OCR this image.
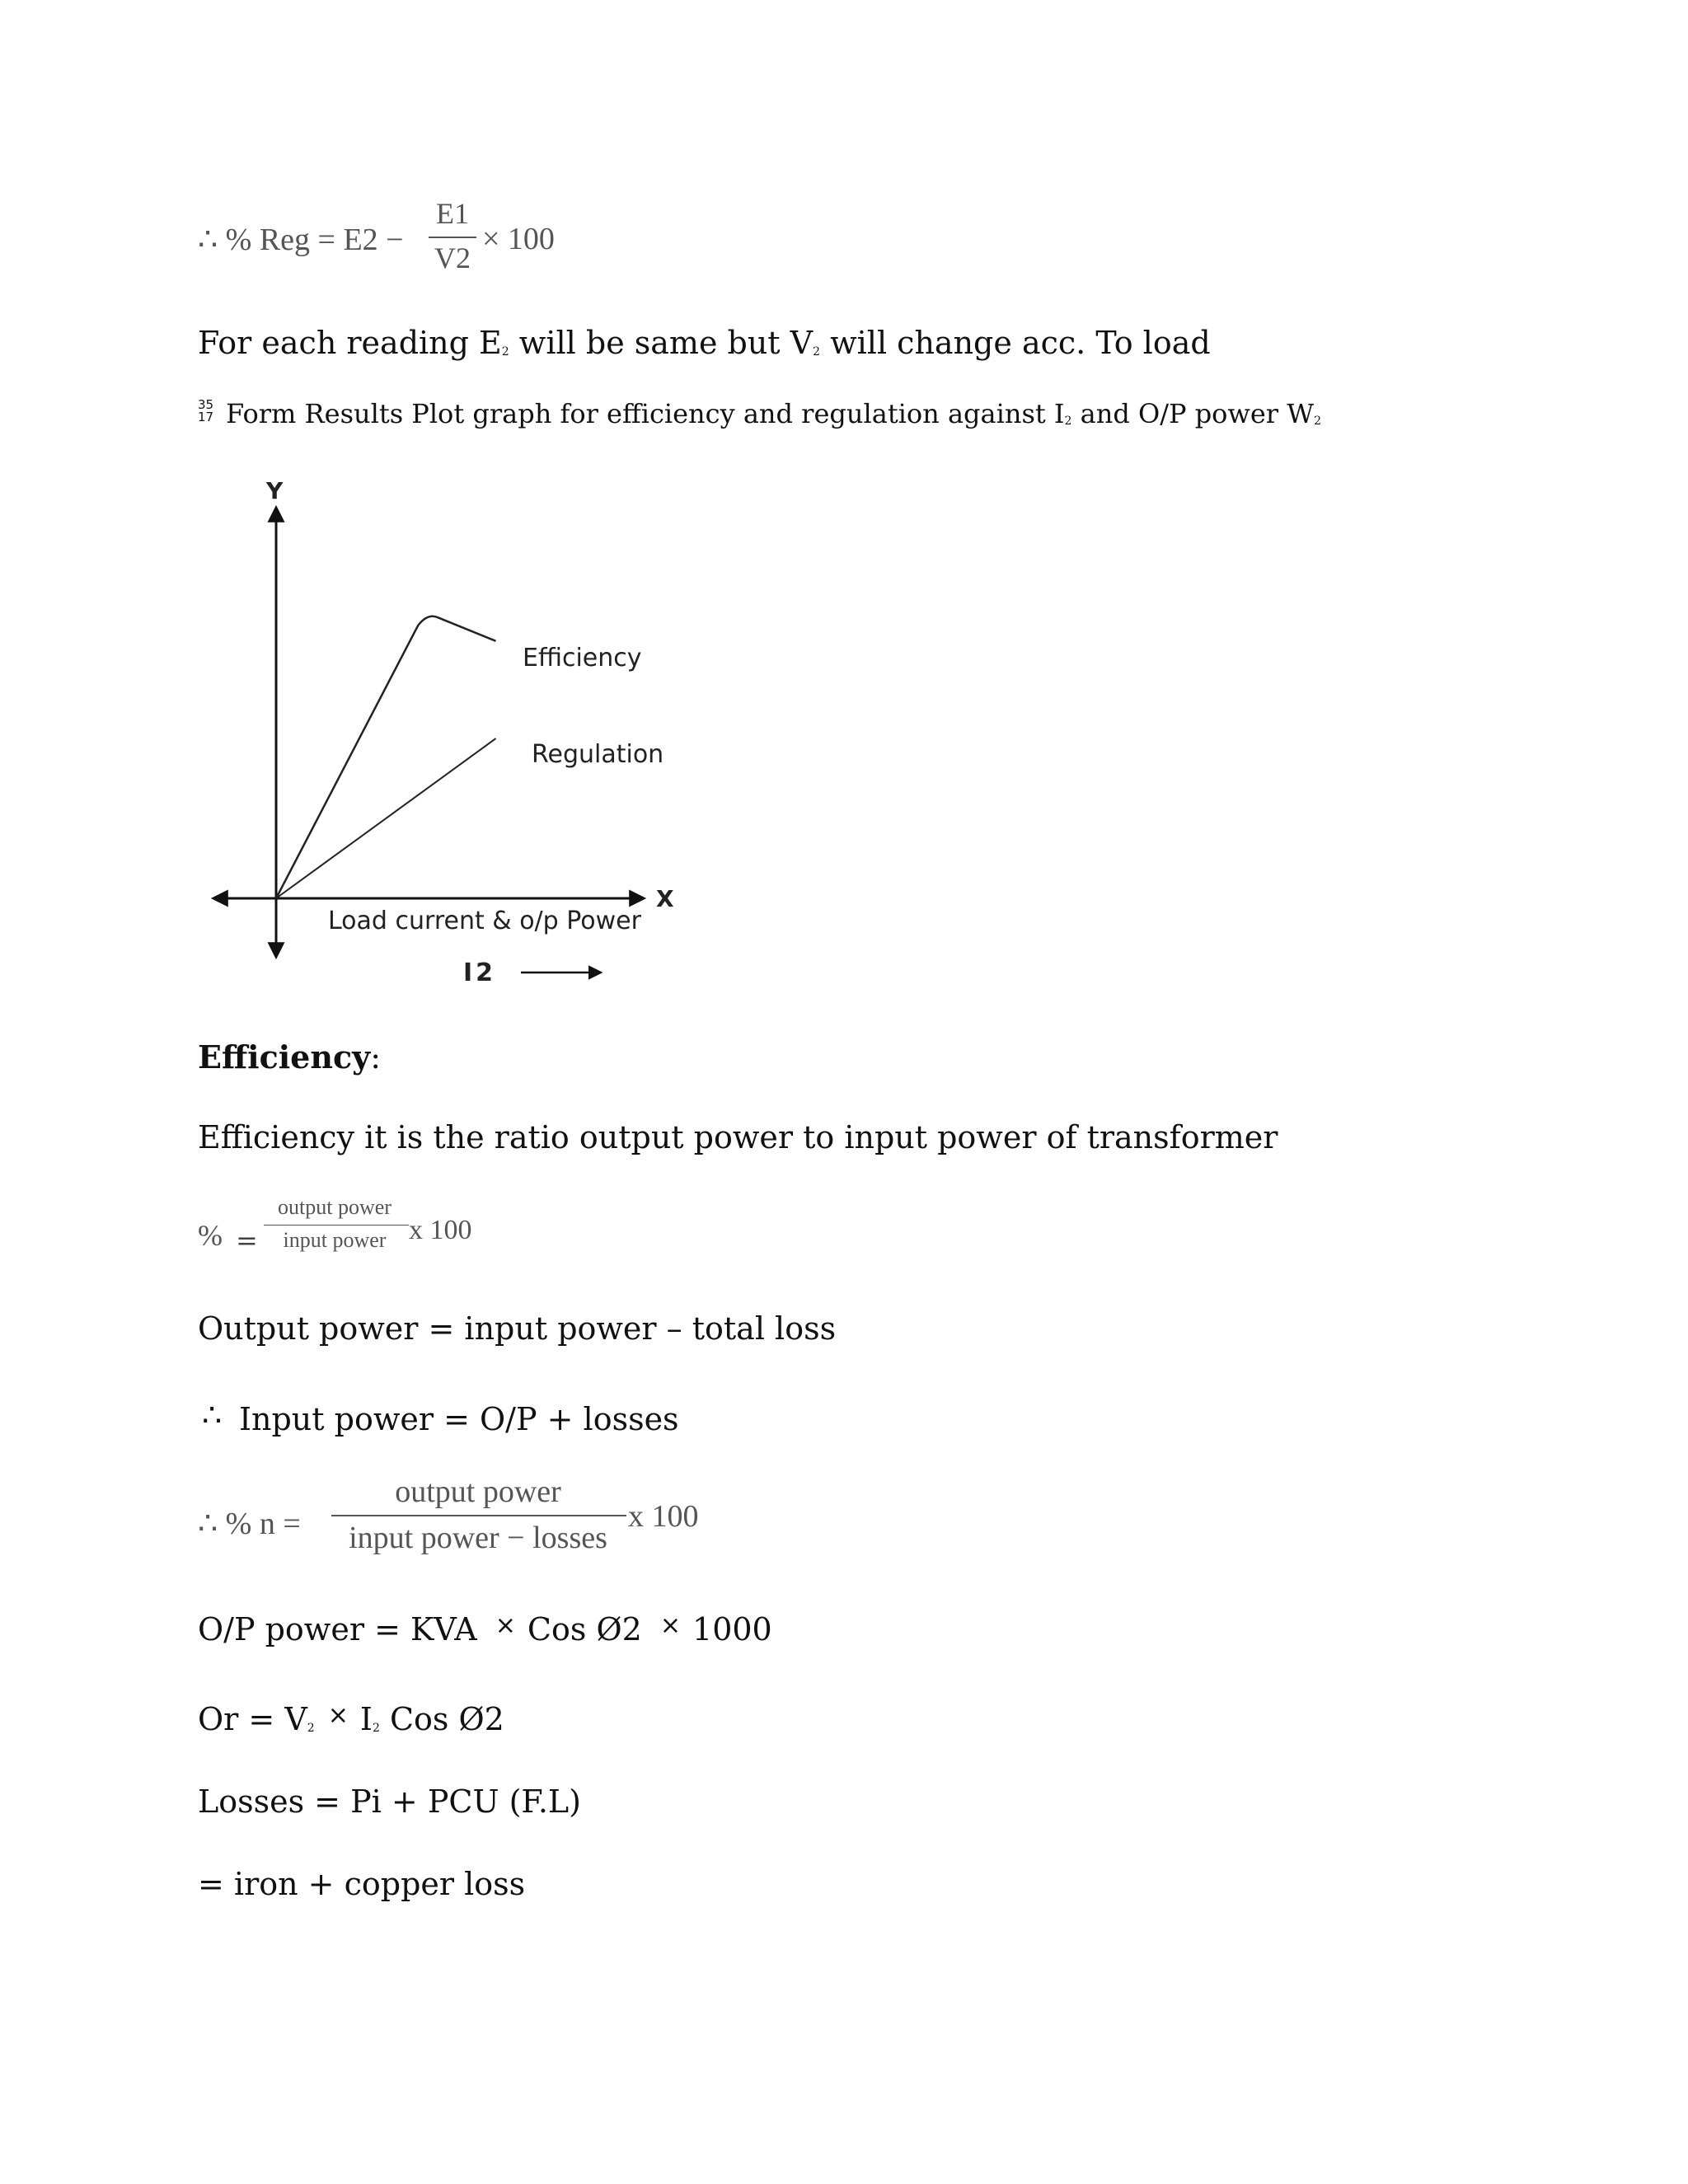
∴ % Reg = E2 −
E1
V2
× 100
For each reading E2 will be same but V2 will change acc. To load
35
17 Form Results Plot graph for efficiency and regulation against I2 and O/P power W2
Y
X
Efficiency
Regulation
Load current & o/p Power
I2
Efficiency:
Efficiency it is the ratio output power to input power of transformer
% =
output power
input power x 100
Output power = input power – total loss
∴ Input power = O/P + losses
∴ % n =
output power
input power − losses
x 100
O/P power = KVA × Cos Ø2 × 1000
Or = V2 × I2 Cos Ø2
Losses = Pi + PCU (F.L)
= iron + copper loss
